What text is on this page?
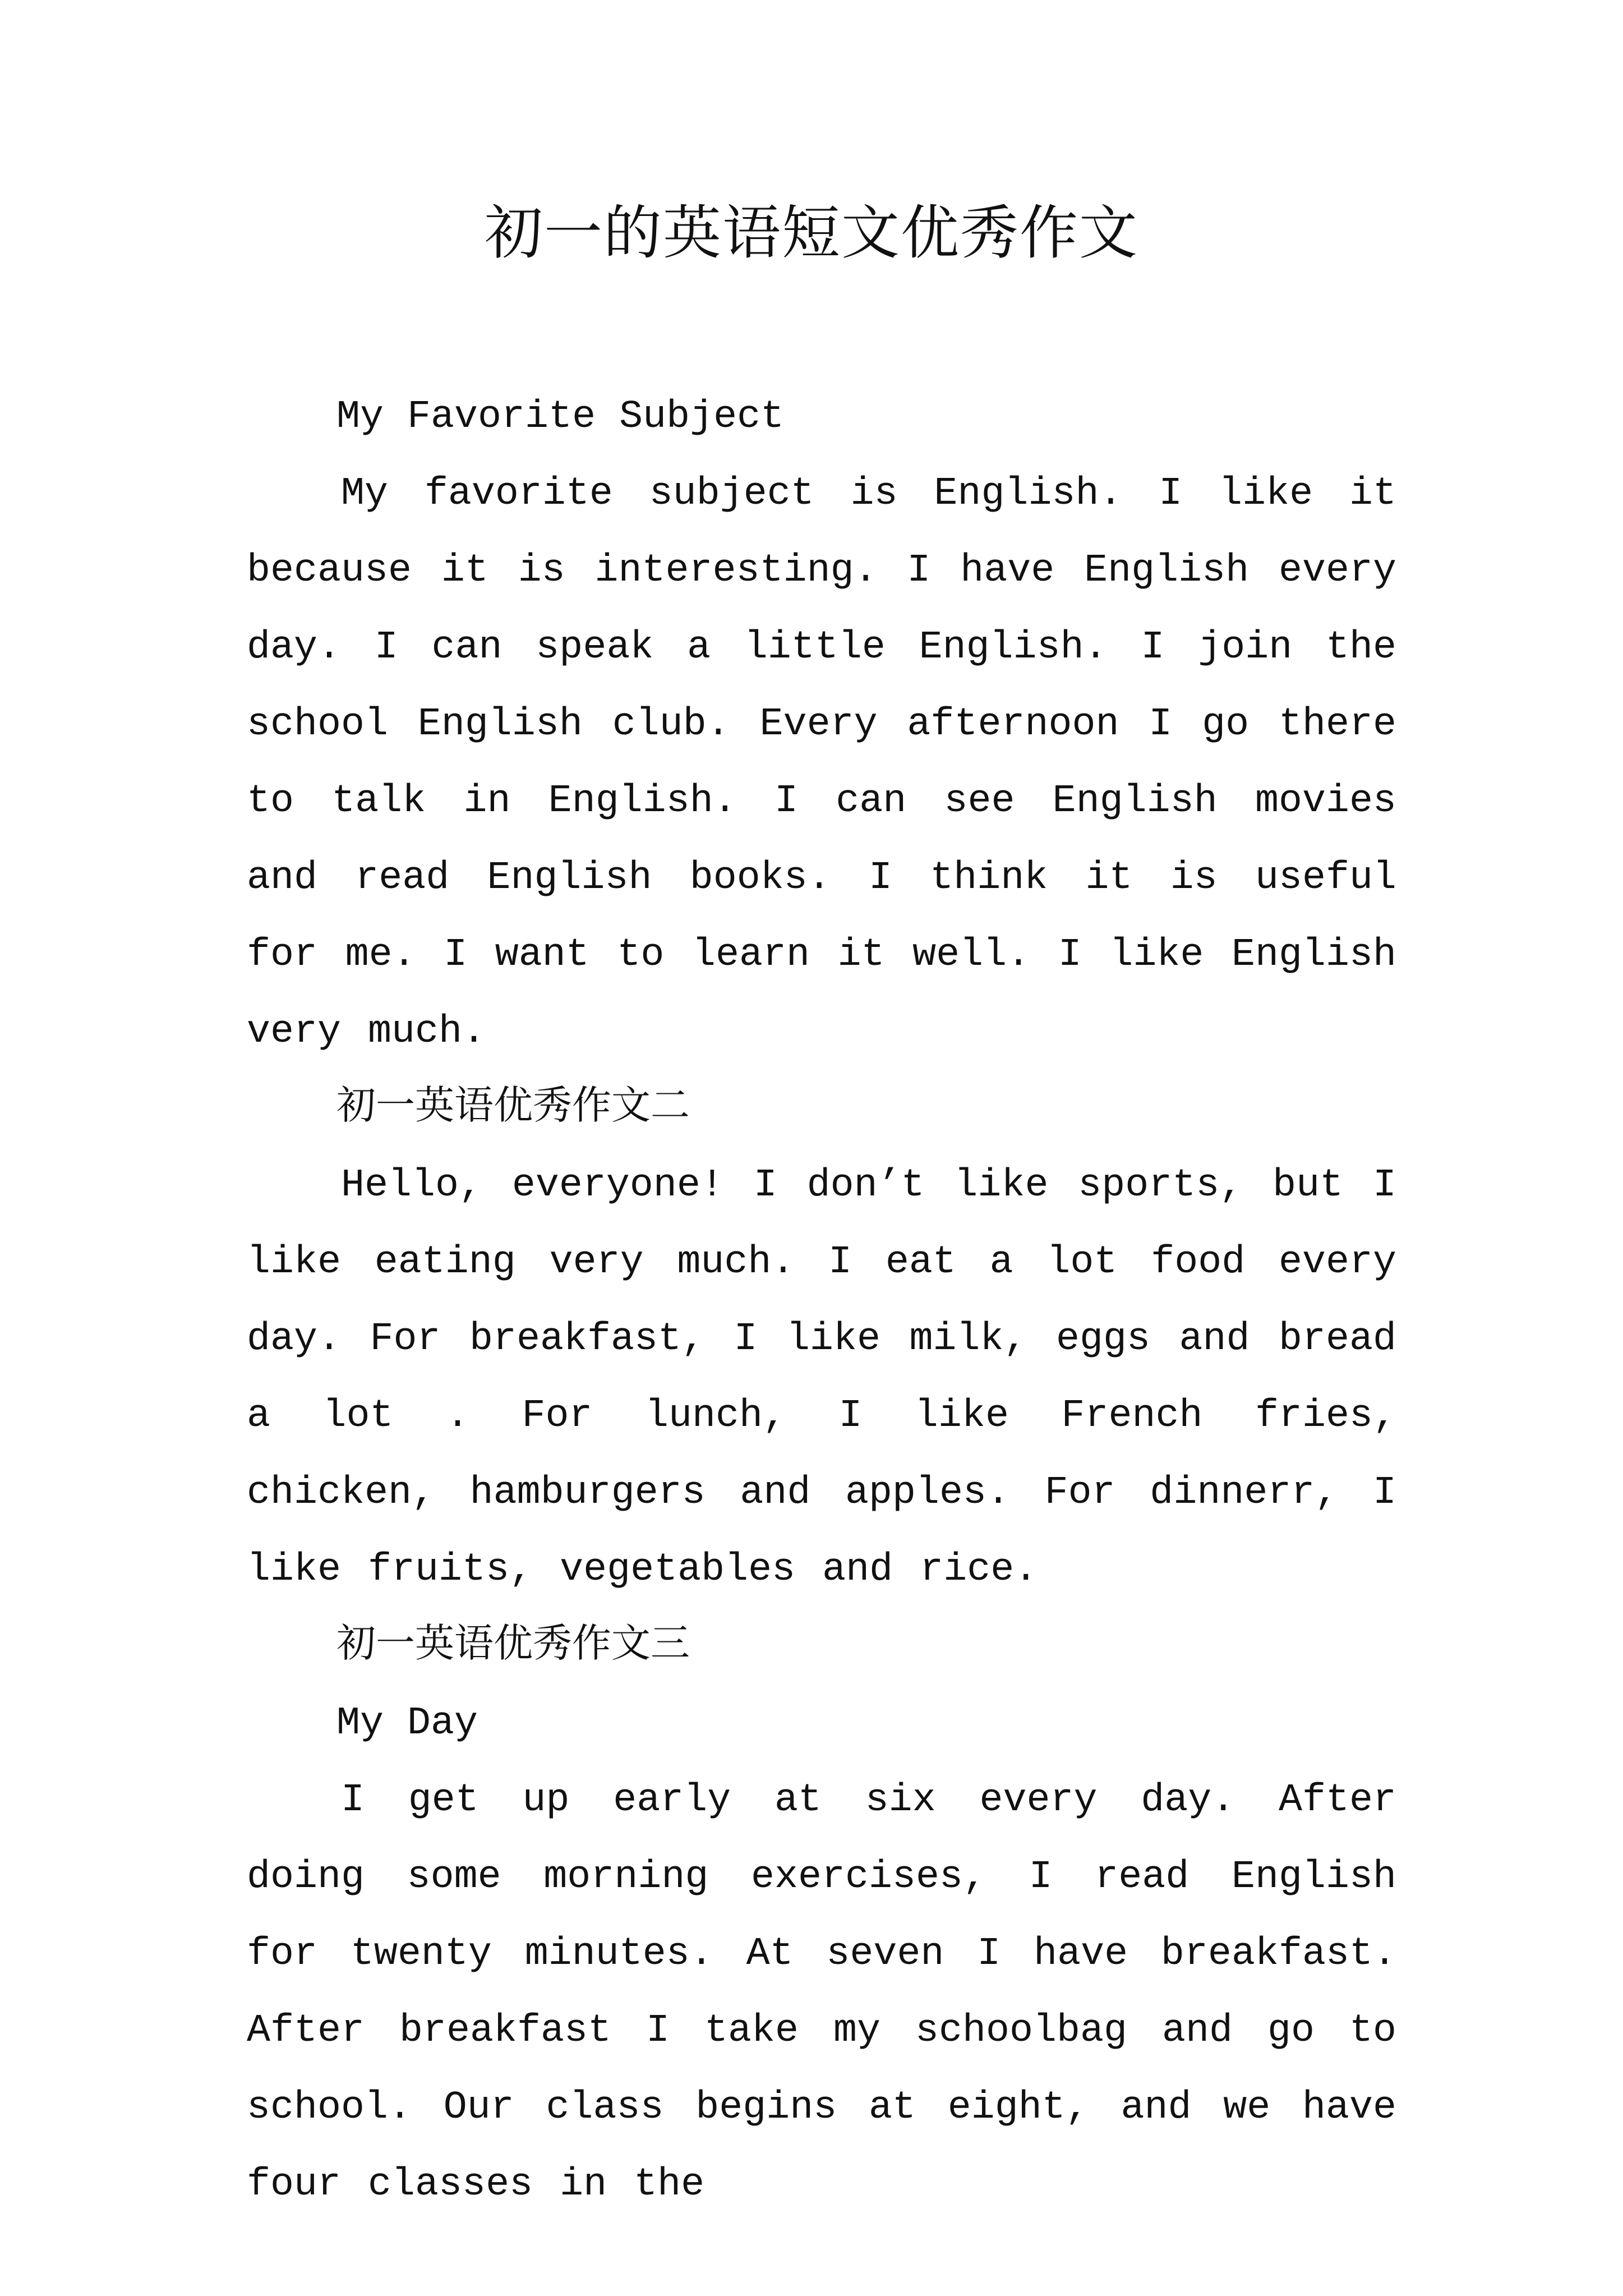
初一的英语短文优秀作文

My Favorite Subject

My favorite subject is English. I like it because it is interesting. I have English every day. I can speak a little English. I join the school English club. Every afternoon I go there to talk in English. I can see English movies and read English books. I think it is useful for me. I want to learn it well. I like English very much.

初一英语优秀作文二

Hello, everyone! I don’t like sports, but I like eating very much. I eat a lot food every day. For breakfast, I like milk, eggs and bread a lot . For lunch, I like French fries, chicken, hamburgers and apples. For dinnerr, I like fruits, vegetables and rice.

初一英语优秀作文三

My Day

I get up early at six every day. After doing some morning exercises, I read English for twenty minutes. At seven I have breakfast. After breakfast I take my schoolbag and go to school. Our class begins at eight, and we have four classes in the
